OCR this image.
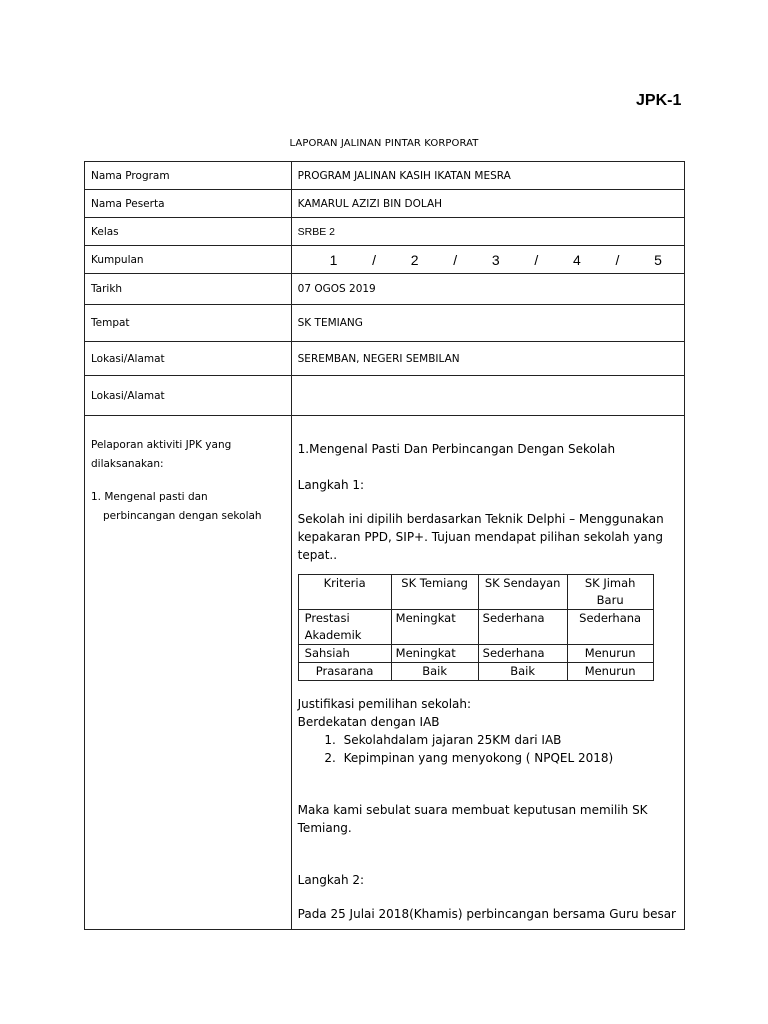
JPK-1
LAPORAN JALINAN PINTAR KORPORAT
Nama Program	PROGRAM JALINAN KASIH IKATAN MESRA
Nama Peserta	KAMARUL AZIZI BIN DOLAH
Kelas	SRBE 2
Kumpulan	1 / 2 / 3 / 4 / 5

Tarikh	07 OGOS 2019
Tempat	SK TEMIANG
Lokasi/Alamat	SEREMBAN, NEGERI SEMBILAN
Lokasi/Alamat	

Pelaporan aktiviti JPK yang dilaksanakan:
1. Mengenal pasti dan
perbincangan dengan sekolah

1.Mengenal Pasti Dan Perbincangan Dengan Sekolah

Langkah 1:

Sekolah ini dipilih berdasarkan Teknik Delphi – Menggunakan kepakaran PPD, SIP+. Tujuan mendapat pilihan sekolah yang tepat..

Kriteria	SK Temiang	SK Sendayan	SK Jimah Baru
Prestasi Akademik	Meningkat	Sederhana	Sederhana
Sahsiah	Meningkat	Sederhana	Menurun
Prasarana	Baik	Baik	Menurun

Justifikasi pemilihan sekolah:

Berdekatan dengan IAB

1. Sekolahdalam jajaran 25KM dari IAB
2. Kepimpinan yang menyokong ( NPQEL 2018)

Maka kami sebulat suara membuat keputusan memilih SK Temiang.

Langkah 2:

Pada 25 Julai 2018(Khamis) perbincangan bersama Guru besar
